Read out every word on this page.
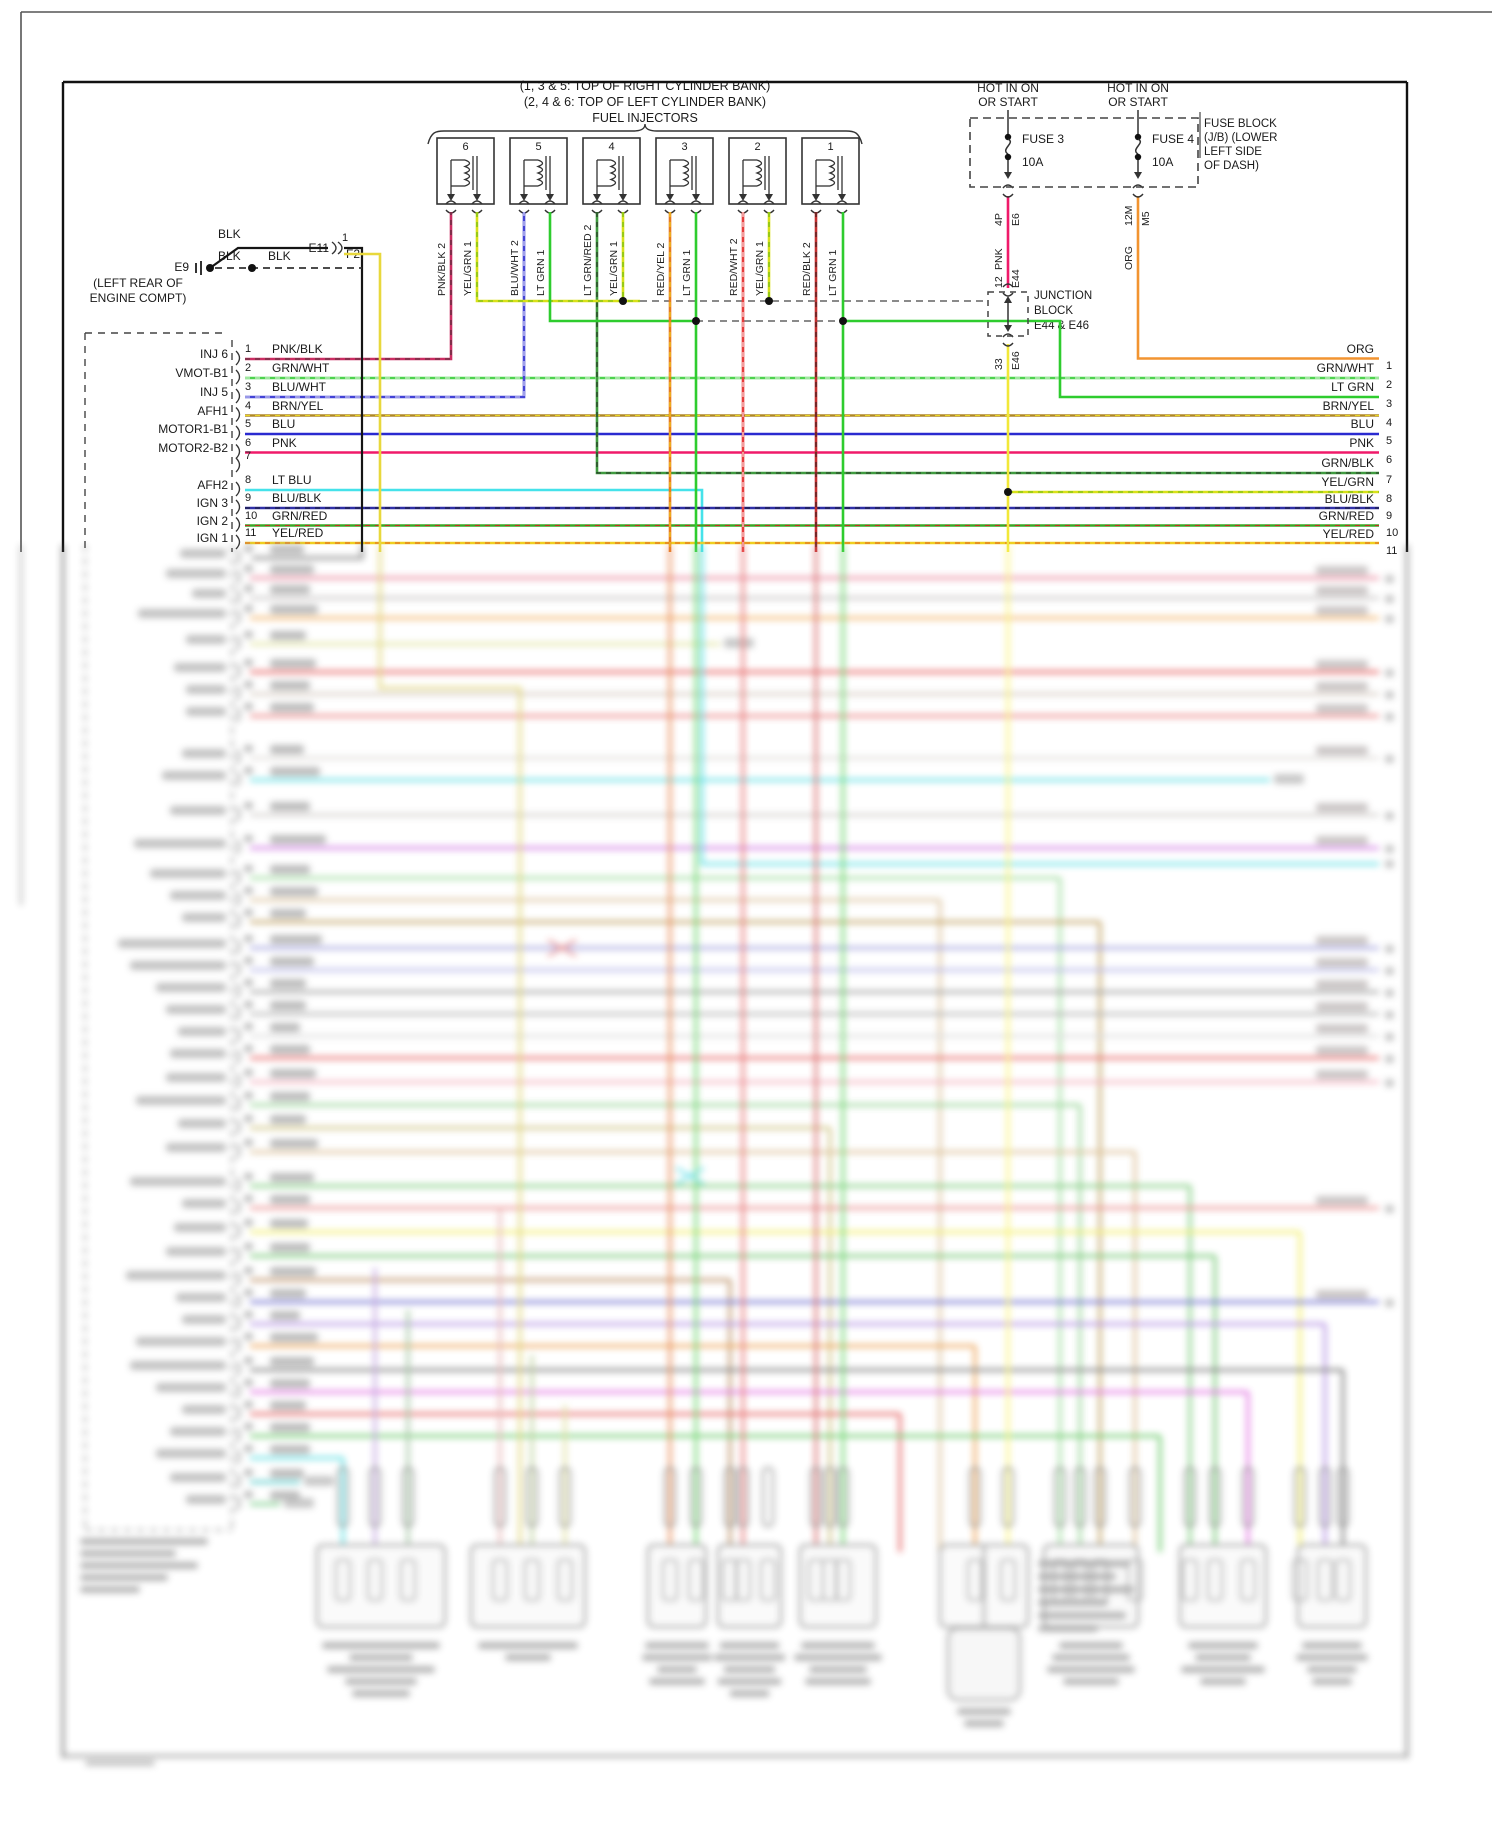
(1, 3 & 5: TOP OF RIGHT CYLINDER BANK)
(2, 4 & 6: TOP OF LEFT CYLINDER BANK)
FUEL INJECTORS
E9
(LEFT REAR OF
ENGINE COMPT)
BLK
BLK BLK
E11
1
F2
FUSE BLOCK
(J/B) (LOWER
LEFT SIDE
OF DASH)
JUNCTION
BLOCK
E44 & E46
6
PNK/BLK 2 YEL/GRN 1
5
BLU/WHT 2 LT GRN 1
4
LT GRN/RED 2 YEL/GRN 1
3
RED/YEL 2 LT GRN 1
2
RED/WHT 2 YEL/GRN 1
1
RED/BLK 2 LT GRN 1
HOT IN ON
OR START
FUSE 3
10A
4P E6
PNK
HOT IN ON
OR START
FUSE 4
10A
12M M5
ORG
12 E44
33 E46
INJ 6 1 PNK/BLK
VMOT-B1 2 GRN/WHT
INJ 5 3 BLU/WHT
AFH1 4 BRN/YEL
MOTOR1-B1 5 BLU
MOTOR2-B2 6 PNK
7
AFH2 8 LT BLU
IGN 3 9 BLU/BLK
IGN 2 10 GRN/RED
IGN 1 11 YEL/RED
ORG
1
GRN/WHT
2
LT GRN
3
BRN/YEL
4
BLU
5
PNK
6
GRN/BLK
7
YEL/GRN
8
BLU/BLK
9
GRN/RED
10
YEL/RED
11
